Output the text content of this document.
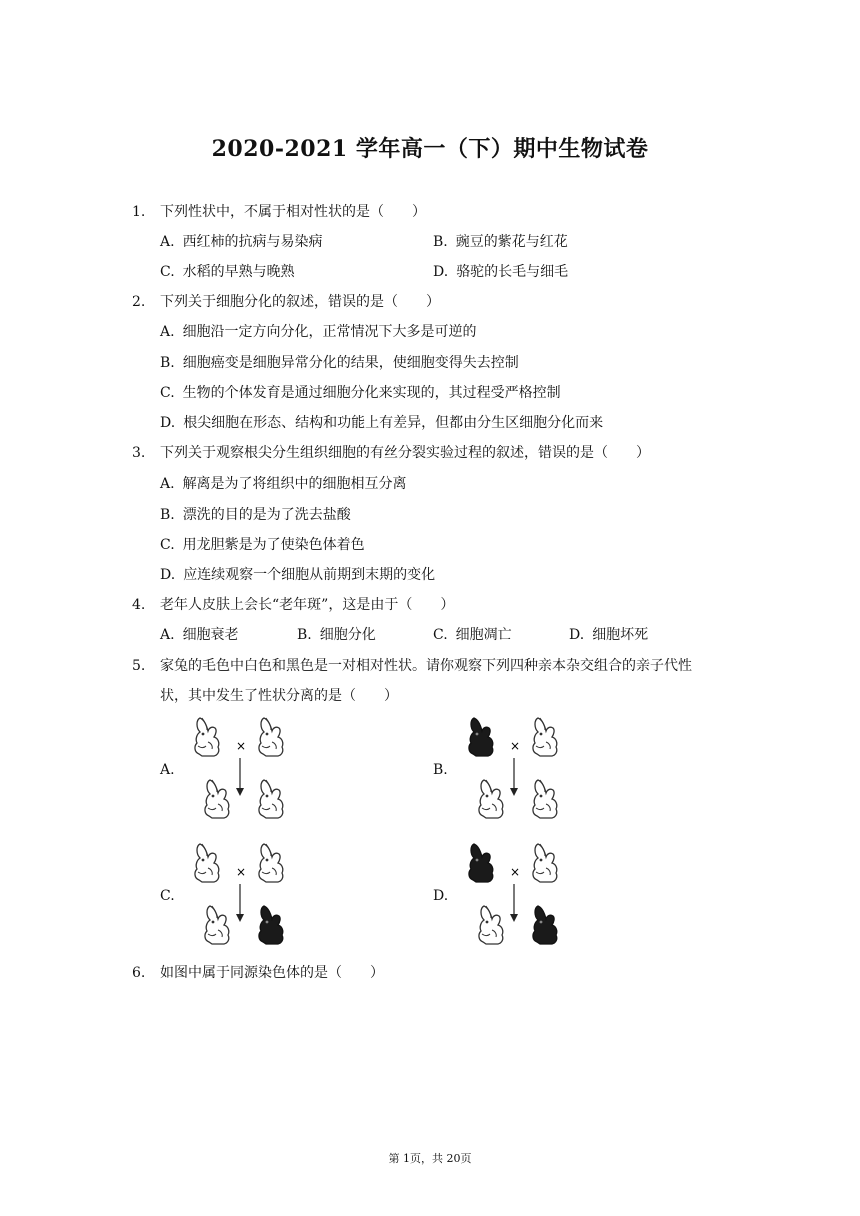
2020-2021 学年高一（下）期中生物试卷
1. 下列性状中，不属于相对性状的是（　　）
A. 西红柿的抗病与易染病	B. 豌豆的紫花与红花
C. 水稻的早熟与晚熟	D. 骆驼的长毛与细毛
2. 下列关于细胞分化的叙述，错误的是（　　）
A. 细胞沿一定方向分化，正常情况下大多是可逆的
B. 细胞癌变是细胞异常分化的结果，使细胞变得失去控制
C. 生物的个体发育是通过细胞分化来实现的，其过程受严格控制
D. 根尖细胞在形态、结构和功能上有差异，但都由分生区细胞分化而来
3. 下列关于观察根尖分生组织细胞的有丝分裂实验过程的叙述，错误的是（　　）
A. 解离是为了将组织中的细胞相互分离
B. 漂洗的目的是为了洗去盐酸
C. 用龙胆紫是为了使染色体着色
D. 应连续观察一个细胞从前期到末期的变化
4. 老年人皮肤上会长“老年斑”，这是由于（　　）
A. 细胞衰老	B. 细胞分化	C. 细胞凋亡	D. 细胞坏死
5. 家兔的毛色中白色和黑色是一对相对性状。请你观察下列四种亲本杂交组合的亲子代性
状，其中发生了性状分离的是（　　）
A.
×
B.
×
C.
×
D.
×
6. 如图中属于同源染色体的是（　　）
第 1页，共 20页
